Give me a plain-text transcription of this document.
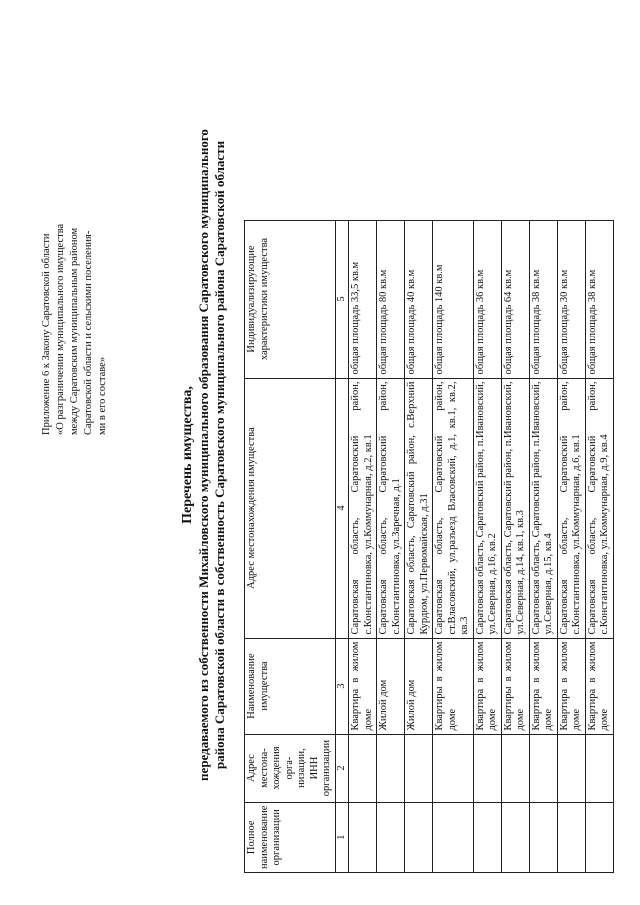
Приложение 6 к Закону Саратовской области «О разграничении муниципального имущества между Саратовским муниципальным районом Саратовской области и сельскими поселения- ми в его составе»	Перечень имущества, передаваемого из собственности Михайловского муниципального образования Саратовского муниципального района Саратовской области в собственность Саратовского муниципального района Саратовской области
Полное наименование организации	Адрес местона-хождения орга-низации, ИНН организации	Наименование имущества	Адрес местонахождения имущества	Индивидуализирующие характеристики имущества
1	2	3	4	5
		Квартира в жилом доме	Саратовская область, Саратовский район, с.Константиновка, ул.Коммунарная, д.2, кв.1	общая площадь 33,5 кв.м
		Жилой дом	Саратовская область, Саратовский район, с.Константиновка, ул.Заречная, д.1	общая площадь 80 кв.м
		Жилой дом	Саратовская область, Саратовский район, с.Верхний Курдюм, ул.Первомайская, д.31	общая площадь 40 кв.м
		Квартиры в жилом доме	Саратовская область, Саратовский район, ст.Власовский, ул.разъезд Власовский, д.1, кв.1, кв.2, кв.3	общая площадь 140 кв.м
		Квартира в жилом доме	Саратовская область, Саратовский район, п.Ивановский, ул.Северная, д.16, кв.2	общая площадь 36 кв.м
		Квартиры в жилом доме	Саратовская область, Саратовский район, п.Ивановский, ул.Северная, д.14, кв.1, кв.3	общая площадь 64 кв.м
		Квартира в жилом доме	Саратовская область, Саратовский район, п.Ивановский, ул.Северная, д.15, кв.4	общая площадь 38 кв.м
		Квартира в жилом доме	Саратовская область, Саратовский район, с.Константиновка, ул.Коммунарная, д.6, кв.1	общая площадь 30 кв.м
		Квартира в жилом доме	Саратовская область, Саратовский район, с.Константиновка, ул.Коммунарная, д.9, кв.4	общая площадь 38 кв.м
